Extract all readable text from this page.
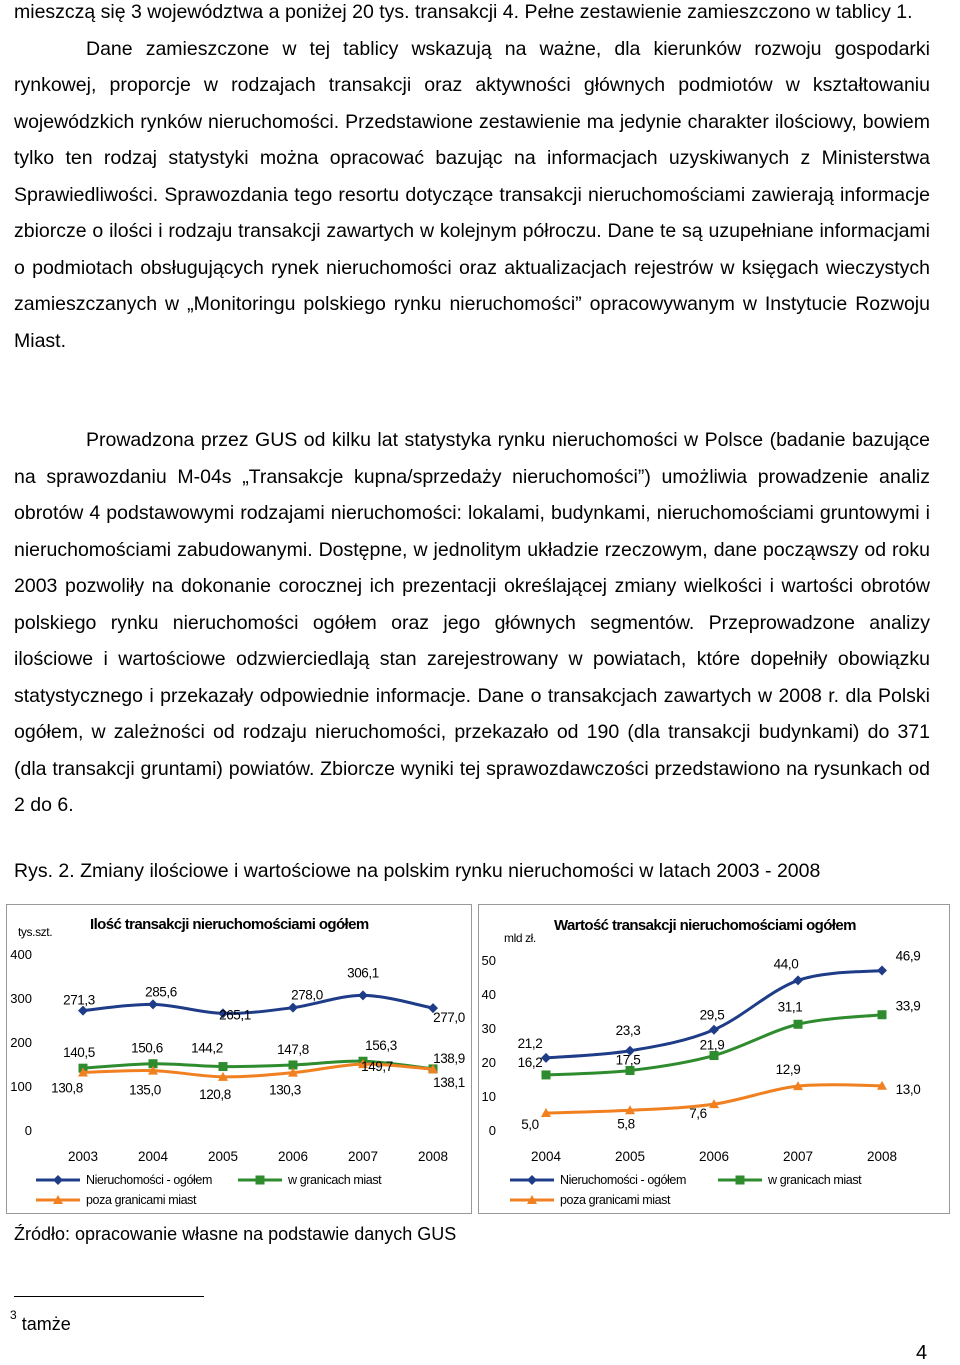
mieszczą się 3 województwa a poniżej 20 tys. transakcji 4. Pełne zestawienie zamieszczono w tablicy 1.

Dane zamieszczone w tej tablicy wskazują na ważne, dla kierunków rozwoju gospodarki rynkowej, proporcje w rodzajach transakcji oraz aktywności głównych podmiotów w kształtowaniu wojewódzkich rynków nieruchomości. Przedstawione zestawienie ma jedynie charakter ilościowy, bowiem tylko ten rodzaj statystyki można opracować bazując na informacjach uzyskiwanych z Ministerstwa Sprawiedliwości. Sprawozdania tego resortu dotyczące transakcji nieruchomościami zawierają informacje zbiorcze o ilości i rodzaju transakcji zawartych w kolejnym półroczu. Dane te są uzupełniane informacjami o podmiotach obsługujących rynek nieruchomości oraz aktualizacjach rejestrów w księgach wieczystych zamieszczanych w „Monitoringu polskiego rynku nieruchomości” opracowywanym w Instytucie Rozwoju Miast.

Prowadzona przez GUS od kilku lat statystyka rynku nieruchomości w Polsce (badanie bazujące na sprawozdaniu M-04s „Transakcje kupna/sprzedaży nieruchomości”) umożliwia prowadzenie analiz obrotów 4 podstawowymi rodzajami nieruchomości: lokalami, budynkami, nieruchomościami gruntowymi i nieruchomościami zabudowanymi. Dostępne, w jednolitym układzie rzeczowym, dane począwszy od roku 2003 pozwoliły na dokonanie corocznej ich prezentacji określającej zmiany wielkości i wartości obrotów polskiego rynku nieruchomości ogółem oraz jego głównych segmentów. Przeprowadzone analizy ilościowe i wartościowe odzwierciedlają stan zarejestrowany w powiatach, które dopełniły obowiązku statystycznego i przekazały odpowiednie informacje. Dane o transakcjach zawartych w 2008 r. dla Polski ogółem, w zależności od rodzaju nieruchomości, przekazało od 190 (dla transakcji budynkami) do 371 (dla transakcji gruntami) powiatów. Zbiorcze wyniki tej sprawozdawczości przedstawiono na rysunkach od 2 do 6.

Rys. 2. Zmiany ilościowe i wartościowe na polskim rynku nieruchomości w latach 2003 - 2008
Ilość transakcji nieruchomościami ogółem
tys.szt.
0
100
200
300
400
2003	2004	2005	2006	2007	2008
271,3
285,6
265,1
278,0
306,1
277,0
140,5	150,6 144,2	147,8	156,3
138,9
130,8	135,0	120,8	130,3
149,7
138,1
Nieruchomości - ogółem	w granicach miast
poza granicami miast
Wartość transakcji nieruchomościami ogółem
mld zł.
0
10
20
30
40
50
2004	2005	2006	2007	2008
21,2
23,3
29,5
44,0
46,9
16,2	17,5
21,9
31,1	33,9
5,0	5,8
7,6
12,9
13,0
Nieruchomości - ogółem	w granicach miast
poza granicami miast
Źródło: opracowanie własne na podstawie danych GUS
$^3$ tamże
4
